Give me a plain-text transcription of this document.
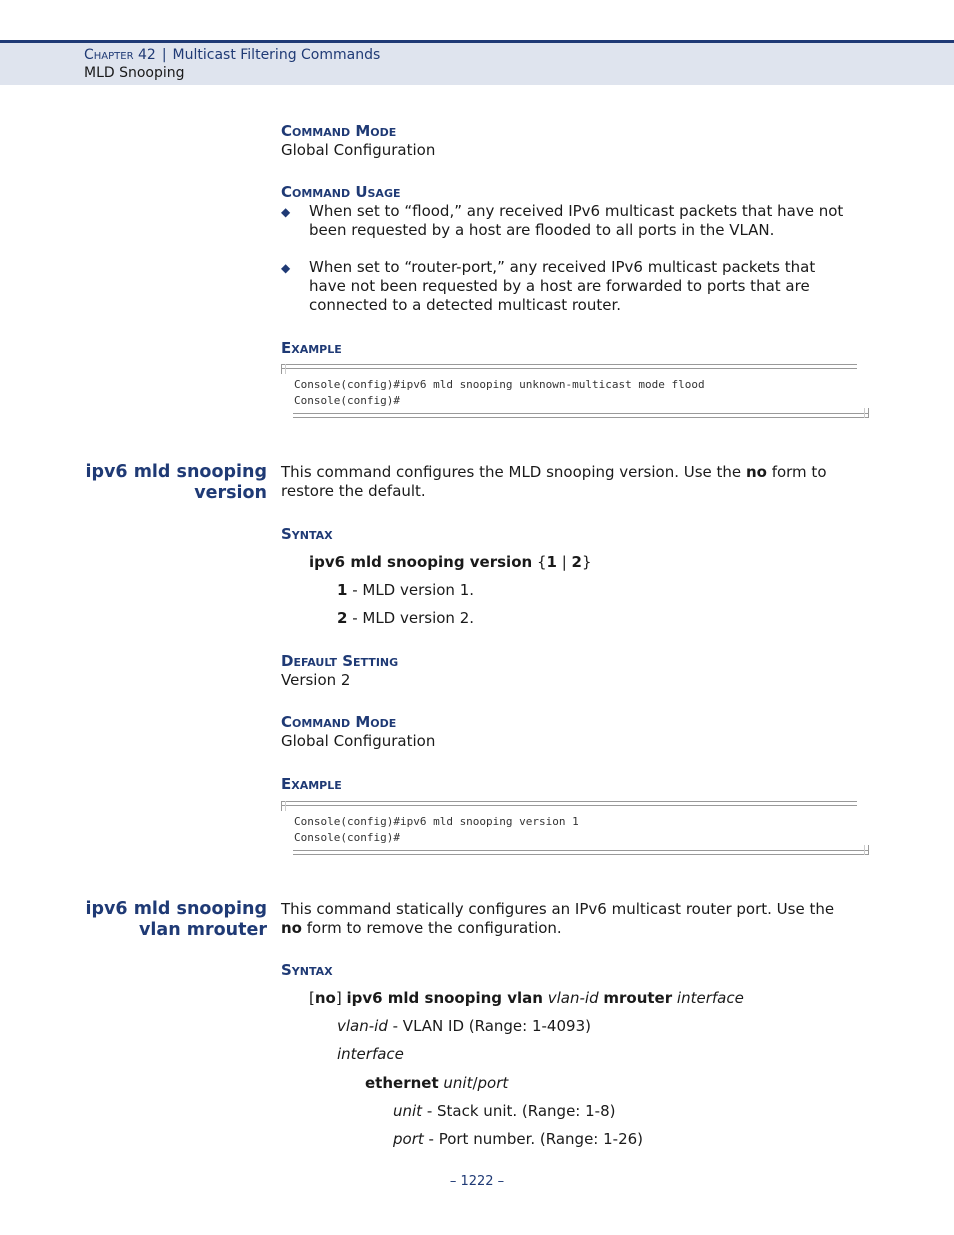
Chapter 42 | Multicast Filtering Commands
MLD Snooping
Command Mode
Global Configuration
Command Usage
◆ When set to “flood,” any received IPv6 multicast packets that have not
been requested by a host are flooded to all ports in the VLAN.
◆ When set to “router-port,” any received IPv6 multicast packets that
have not been requested by a host are forwarded to ports that are
connected to a detected multicast router.
Example
Console(config)#ipv6 mld snooping unknown-multicast mode flood
Console(config)#
ipv6 mld snooping
version
This command configures the MLD snooping version. Use the no form to
restore the default.
Syntax
ipv6 mld snooping version {1 | 2}
1 - MLD version 1.
2 - MLD version 2.
Default Setting
Version 2
Command Mode
Global Configuration
Example
Console(config)#ipv6 mld snooping version 1
Console(config)#
ipv6 mld snooping
vlan mrouter
This command statically configures an IPv6 multicast router port. Use the
no form to remove the configuration.
Syntax
[no] ipv6 mld snooping vlan vlan-id mrouter interface
vlan-id - VLAN ID (Range: 1-4093)
interface
ethernet unit/port
unit - Stack unit. (Range: 1-8)
port - Port number. (Range: 1-26)
– 1222 –
